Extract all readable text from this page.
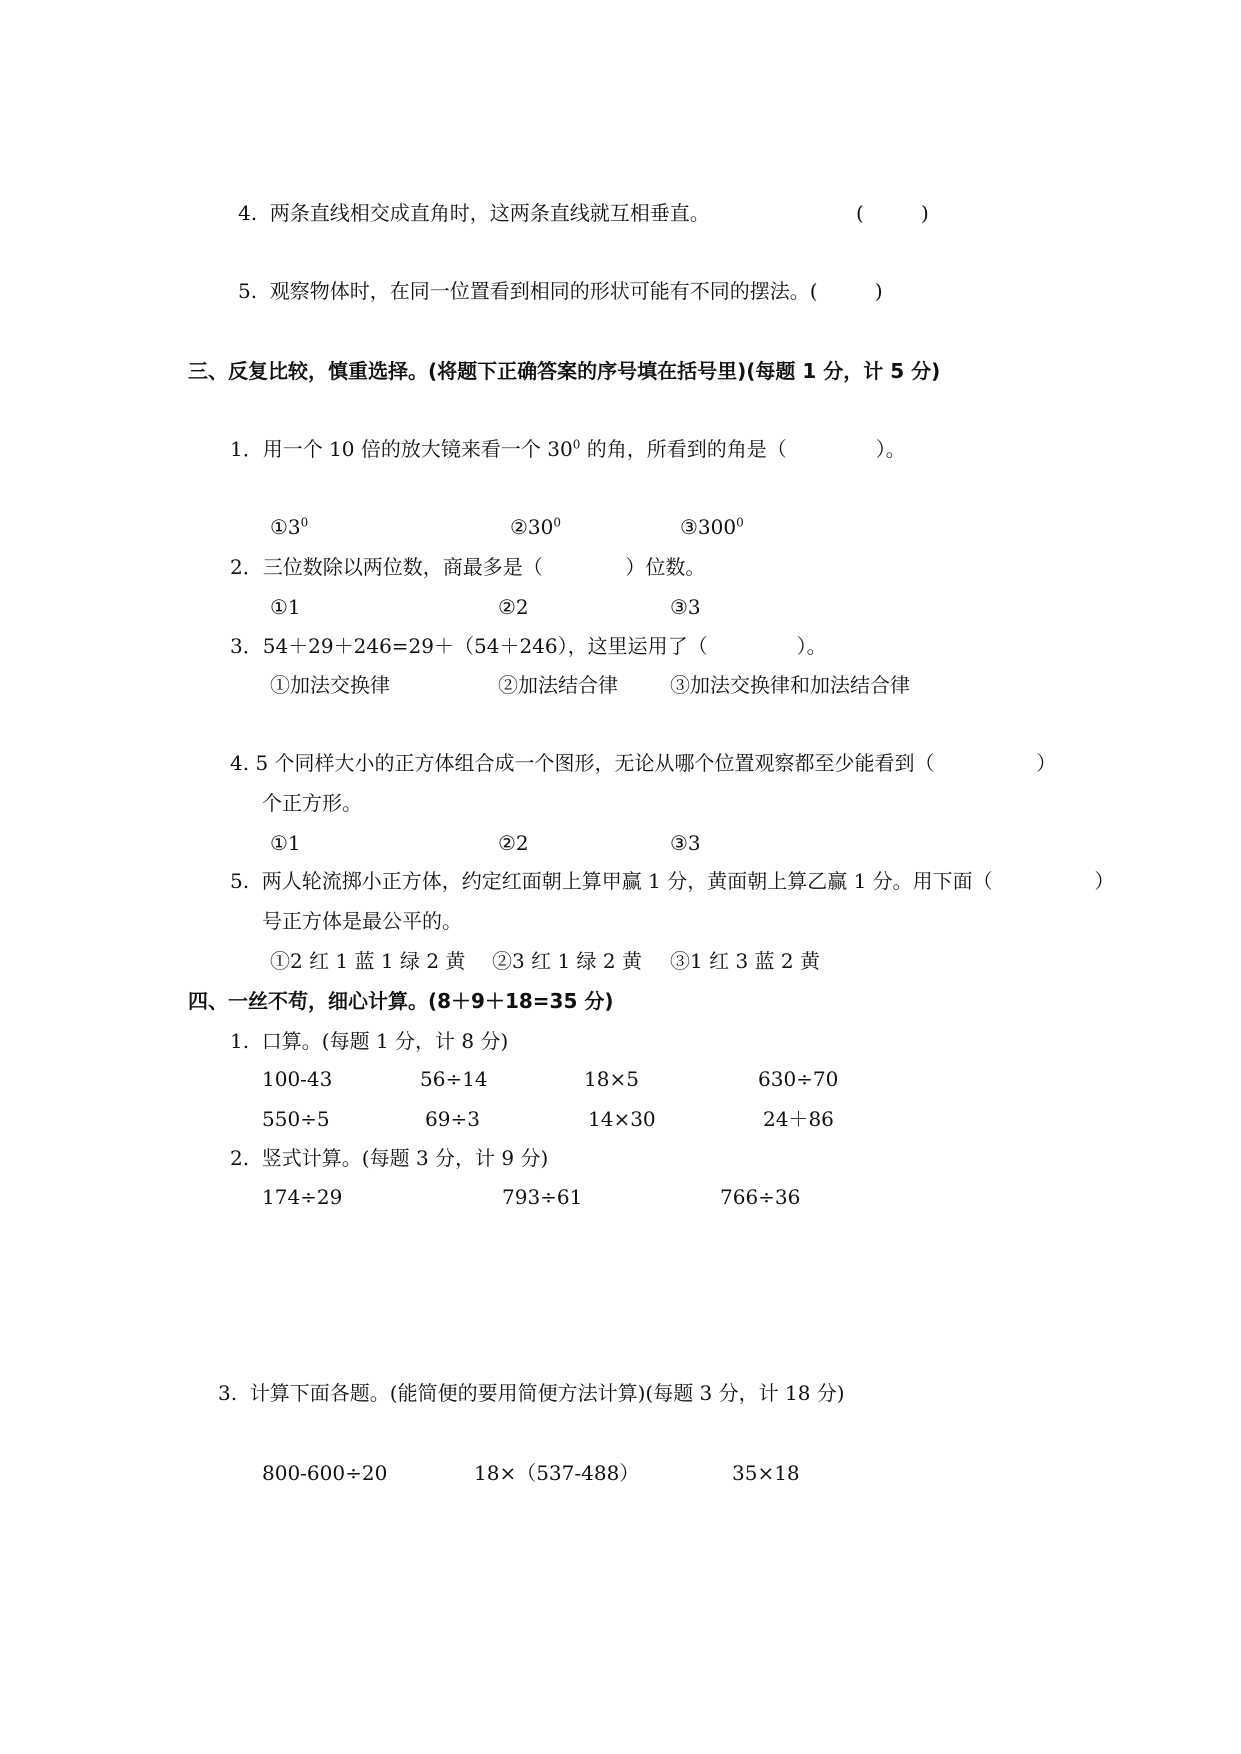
4.  两条直线相交成直角时，这两条直线就互相垂直。	(         )
5.  观察物体时，在同一位置看到相同的形状可能有不同的摆法。(         )
三、反复比较，慎重选择。(将题下正确答案的序号填在括号里)(每题 1 分，计 5 分)
1．用一个 10 倍的放大镜来看一个 $30^0$ 的角，所看到的角是（              ）。
$①3^0$	$②30^0$	$③300^0$
2．三位数除以两位数，商最多是（             ）位数。
①1	②2	③3
3．54＋29＋246=29＋（54＋246），这里运用了（              ）。
①加法交换律	②加法结合律	③加法交换律和加法结合律
4. 5 个同样大小的正方体组合成一个图形，无论从哪个位置观察都至少能看到（                ）
个正方形。
①1	②2	③3
5.  两人轮流掷小正方体，约定红面朝上算甲赢 1 分，黄面朝上算乙赢 1 分。用下面（                ）
号正方体是最公平的。
①2 红 1 蓝 1 绿 2 黄 ②3 红 1 绿 2 黄 ③1 红 3 蓝 2 黄
四、一丝不苟，细心计算。(8＋9＋18=35 分)
1.  口算。(每题 1 分，计 8 分)
100-43	56÷14	18×5	630÷70
550÷5	69÷3	14×30	24＋86
2.  竖式计算。(每题 3 分，计 9 分)
174÷29	793÷61	766÷36
3.  计算下面各题。(能简便的要用简便方法计算)(每题 3 分，计 18 分)
800-600÷20	18×（537-488）	35×18
